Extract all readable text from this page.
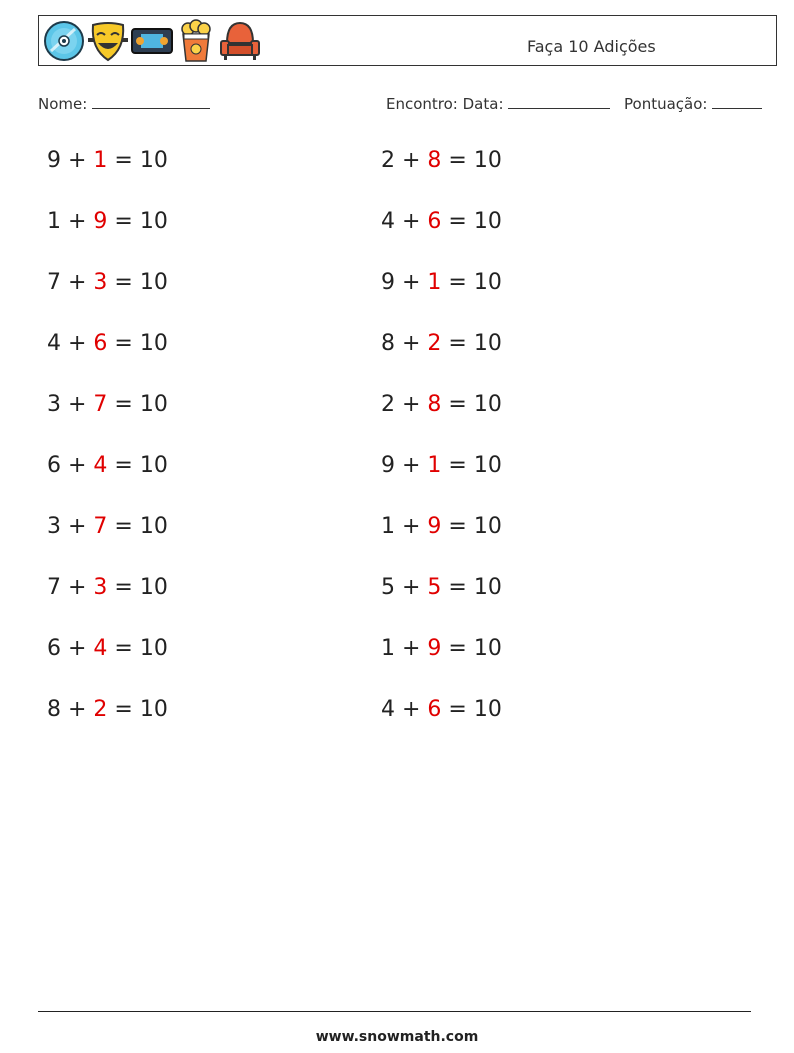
Faça 10 Adições
Nome:	Encontro: Data:	Pontuação:
9 + 1 = 10
1 + 9 = 10
7 + 3 = 10
4 + 6 = 10
3 + 7 = 10
6 + 4 = 10
3 + 7 = 10
7 + 3 = 10
6 + 4 = 10
8 + 2 = 10
2 + 8 = 10
4 + 6 = 10
9 + 1 = 10
8 + 2 = 10
2 + 8 = 10
9 + 1 = 10
1 + 9 = 10
5 + 5 = 10
1 + 9 = 10
4 + 6 = 10
www.snowmath.com
